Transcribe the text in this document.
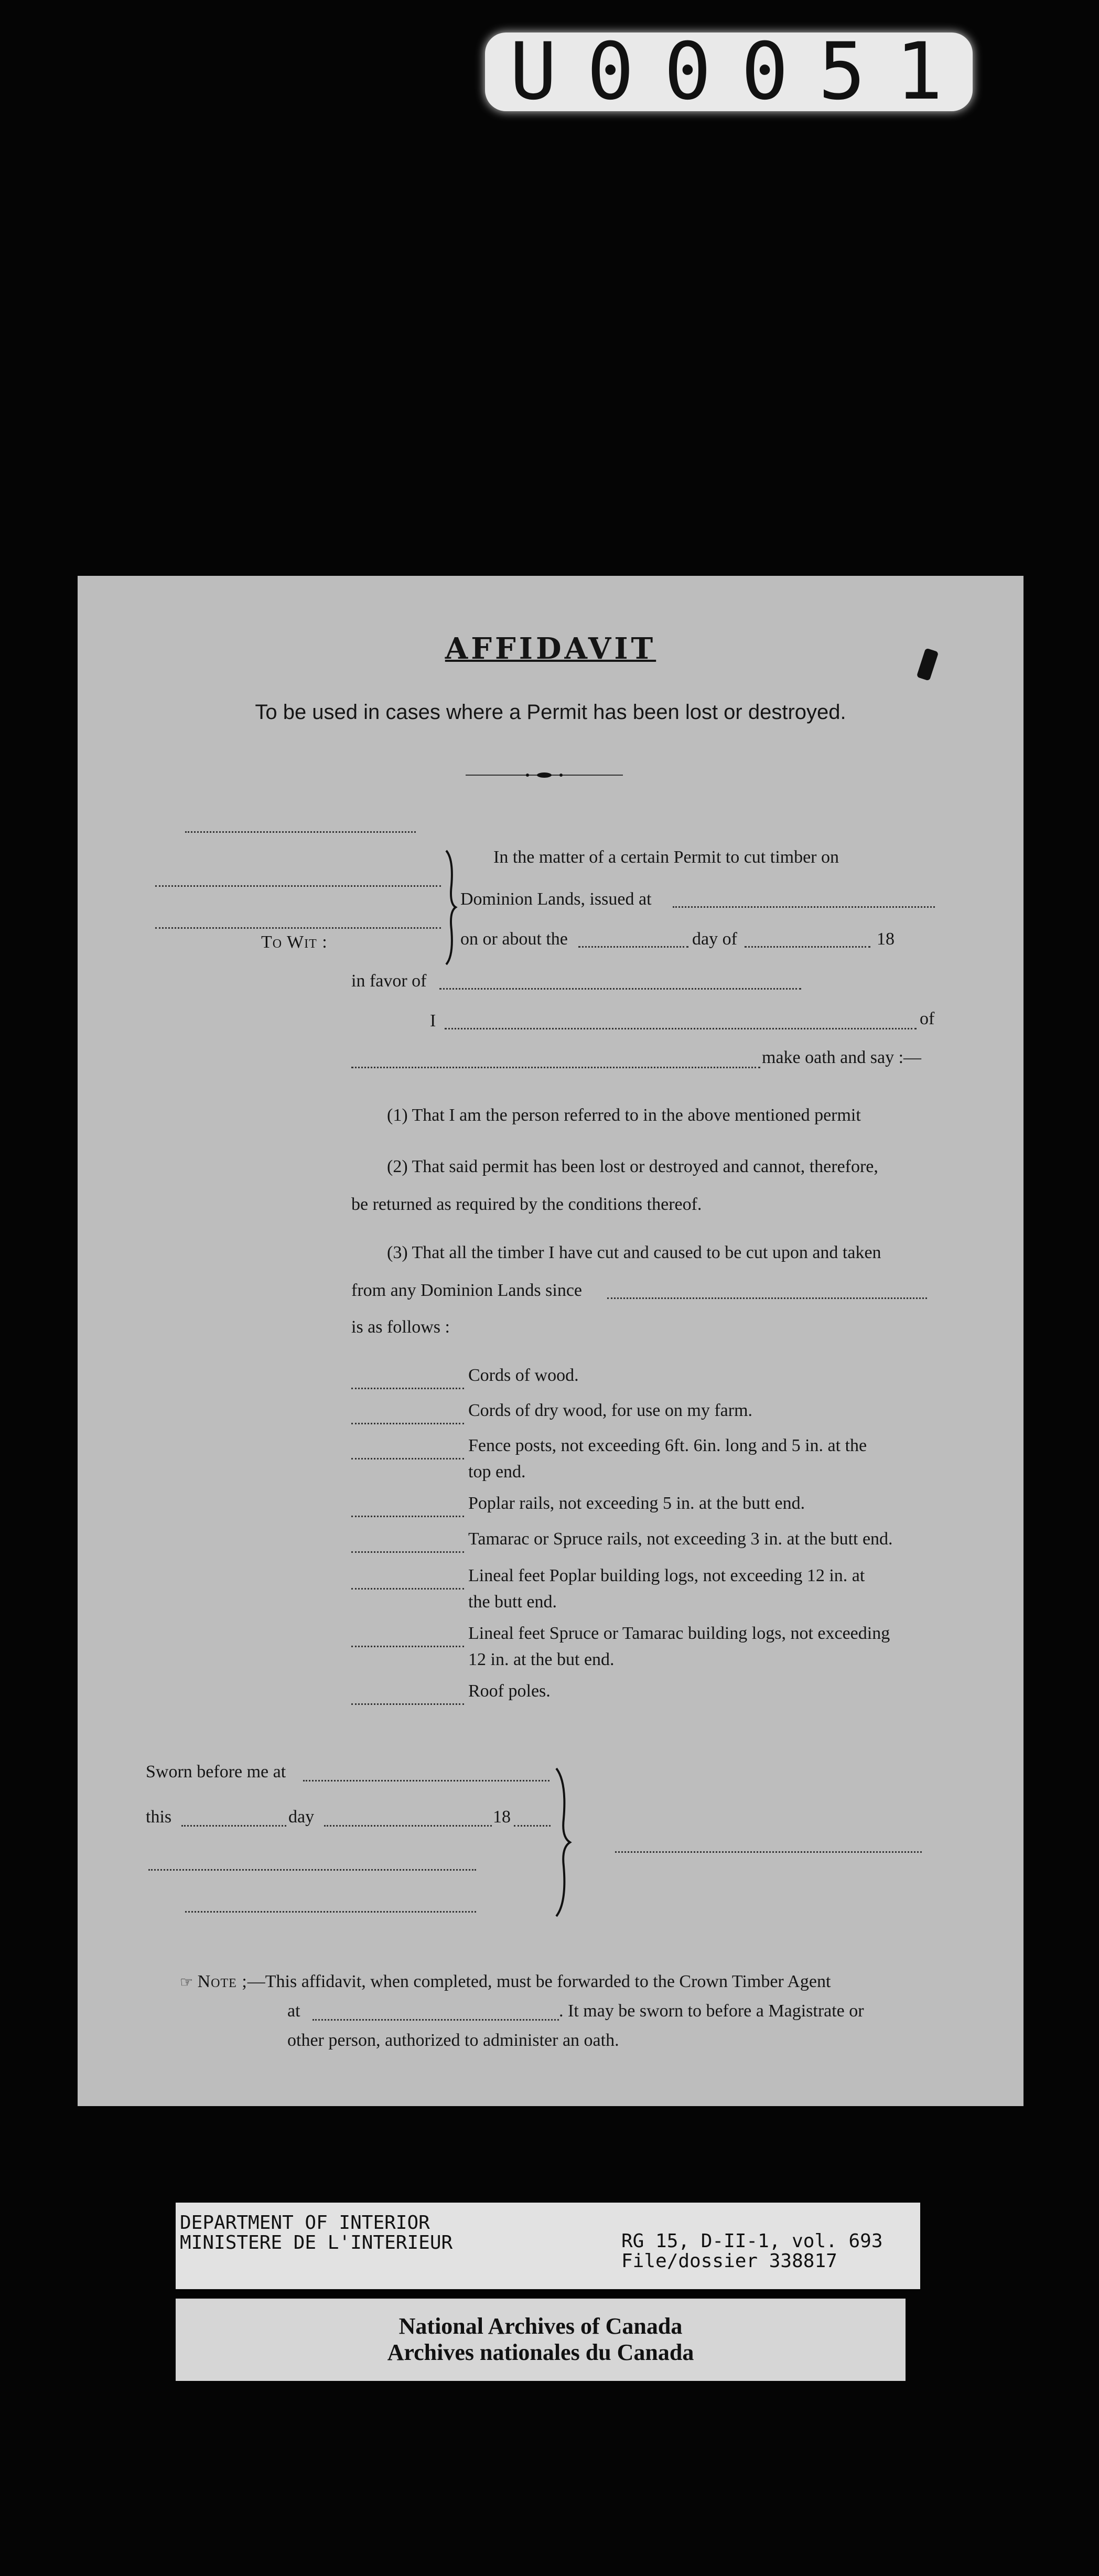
U 0 0 0 5 1
AFFIDAVIT
To be used in cases where a Permit has been lost or destroyed.
To Wit :
In the matter of a certain Permit to cut timber on
Dominion Lands, issued at
on or about the	day of	18
in favor of
I	of
make oath and say :—
(1) That I am the person referred to in the above mentioned permit
(2) That said permit has been lost or destroyed and cannot, therefore,
be returned as required by the conditions thereof.
(3) That all the timber I have cut and caused to be cut upon and taken
from any Dominion Lands since
is as follows :
Cords of wood.
Cords of dry wood, for use on my farm.
Fence posts, not exceeding 6ft. 6in. long and 5 in. at the
top end.
Poplar rails, not exceeding 5 in. at the butt end.
Tamarac or Spruce rails, not exceeding 3 in. at the butt end.
Lineal feet Poplar building logs, not exceeding 12 in. at
the butt end.
Lineal feet Spruce or Tamarac building logs, not exceeding
12 in. at the but end.
Roof poles.
Sworn before me at
this	day	18
☞ Note ;—This affidavit, when completed, must be forwarded to the Crown Timber Agent
at	. It may be sworn to before a Magistrate or
other person, authorized to administer an oath.
DEPARTMENT OF INTERIOR
MINISTERE DE L'INTERIEUR	RG 15, D-II-1, vol. 693
File/dossier 338817
National Archives of Canada
Archives nationales du Canada
